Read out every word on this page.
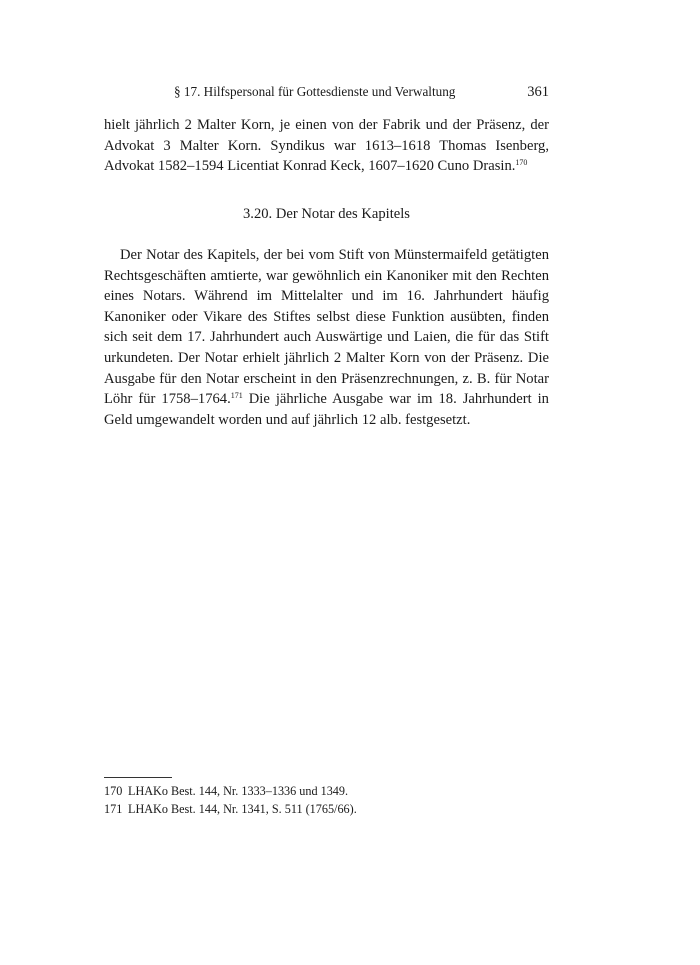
§ 17. Hilfspersonal für Gottesdienste und Verwaltung	361

hielt jährlich 2 Malter Korn, je einen von der Fabrik und der Präsenz, der Advokat 3 Malter Korn. Syndikus war 1613–1618 Thomas Isenberg, Advokat 1582–1594 Licentiat Konrad Keck, 1607–1620 Cuno Drasin.$^{170}$

3.20. Der Notar des Kapitels

Der Notar des Kapitels, der bei vom Stift von Münstermaifeld getätigten Rechtsgeschäften amtierte, war gewöhnlich ein Kanoniker mit den Rechten eines Notars. Während im Mittelalter und im 16. Jahrhundert häufig Kanoniker oder Vikare des Stiftes selbst diese Funktion ausübten, finden sich seit dem 17. Jahrhundert auch Auswärtige und Laien, die für das Stift urkundeten. Der Notar erhielt jährlich 2 Malter Korn von der Präsenz. Die Ausgabe für den Notar erscheint in den Präsenzrechnungen, z. B. für Notar Löhr für 1758–1764.$^{171}$ Die jährliche Ausgabe war im 18. Jahrhundert in Geld umgewandelt worden und auf jährlich 12 alb. festgesetzt.

170 LHAKo Best. 144, Nr. 1333–1336 und 1349.
171 LHAKo Best. 144, Nr. 1341, S. 511 (1765/66).
